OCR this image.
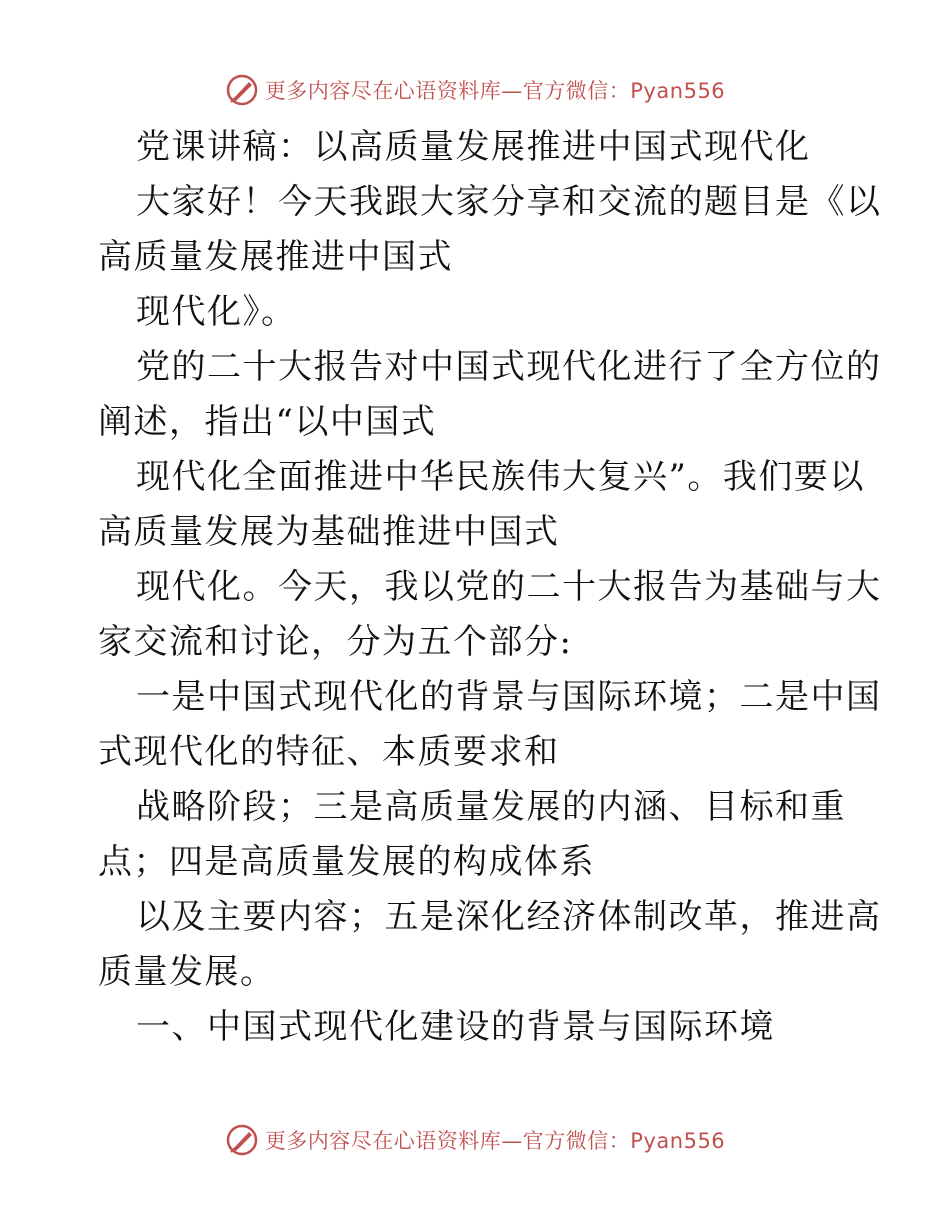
更多内容尽在心语资料库—官方微信：Pyan556
党课讲稿：以高质量发展推进中国式现代化
大家好！今天我跟大家分享和交流的题目是《以
高质量发展推进中国式
现代化》。
党的二十大报告对中国式现代化进行了全方位的
阐述，指出“以中国式
现代化全面推进中华民族伟大复兴”。我们要以
高质量发展为基础推进中国式
现代化。今天，我以党的二十大报告为基础与大
家交流和讨论，分为五个部分:
一是中国式现代化的背景与国际环境；二是中国
式现代化的特征、本质要求和
战略阶段；三是高质量发展的内涵、目标和重
点；四是高质量发展的构成体系
以及主要内容；五是深化经济体制改革，推进高
质量发展。
一、中国式现代化建设的背景与国际环境
更多内容尽在心语资料库—官方微信：Pyan556
